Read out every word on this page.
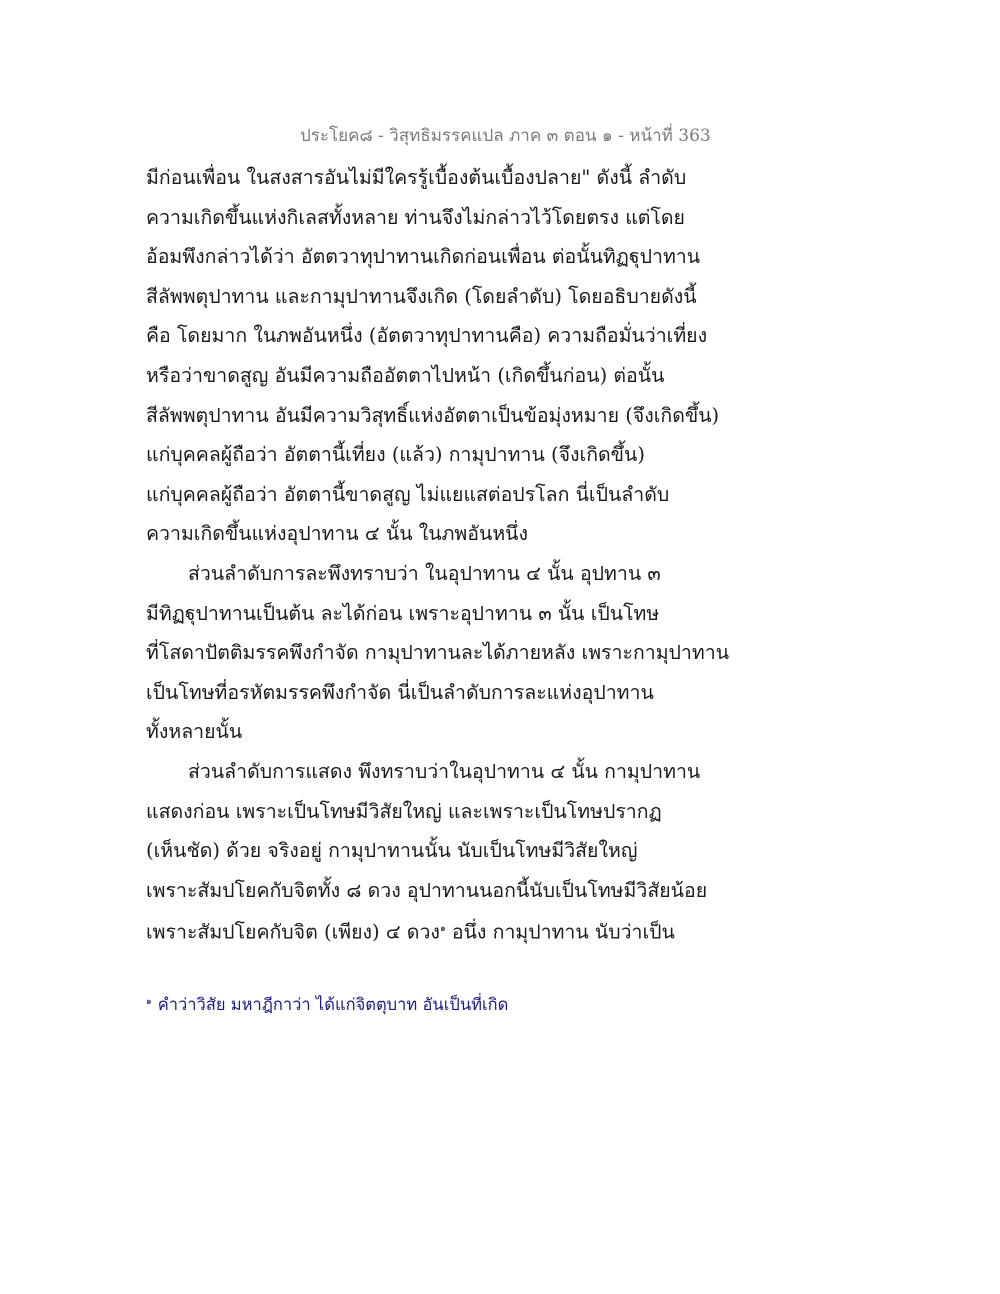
ประโยค๘ - วิสุทธิมรรคแปล ภาค ๓ ตอน ๑ - หน้าที่ 363
มีก่อนเพื่อน ในสงสารอันไม่มีใครรู้เบื้องต้นเบื้องปลาย" ดังนี้ ลำดับ
ความเกิดขึ้นแห่งกิเลสทั้งหลาย ท่านจึงไม่กล่าวไว้โดยตรง แต่โดย
อ้อมพึงกล่าวได้ว่า อัตตวาทุปาทานเกิดก่อนเพื่อน ต่อนั้นทิฏฐุปาทาน
สีลัพพตุปาทาน และกามุปาทานจึงเกิด (โดยลำดับ) โดยอธิบายดังนี้
คือ โดยมาก ในภพอันหนึ่ง (อัตตวาทุปาทานคือ) ความถือมั่นว่าเที่ยง
หรือว่าขาดสูญ อันมีความถืออัตตาไปหน้า (เกิดขึ้นก่อน) ต่อนั้น
สีลัพพตุปาทาน อันมีความวิสุทธิ์แห่งอัตตาเป็นข้อมุ่งหมาย (จึงเกิดขึ้น)
แก่บุคคลผู้ถือว่า อัตตานี้เที่ยง (แล้ว) กามุปาทาน (จึงเกิดขึ้น)
แก่บุคคลผู้ถือว่า อัตตานี้ขาดสูญ ไม่แยแสต่อปรโลก นี่เป็นลำดับ
ความเกิดขึ้นแห่งอุปาทาน ๔ นั้น ในภพอันหนึ่ง
ส่วนลำดับการละพึงทราบว่า ในอุปาทาน ๔ นั้น อุปทาน ๓
มีทิฏฐุปาทานเป็นต้น ละได้ก่อน เพราะอุปาทาน ๓ นั้น เป็นโทษ
ที่โสดาปัตติมรรคพึงกำจัด กามุปาทานละได้ภายหลัง เพราะกามุปาทาน
เป็นโทษที่อรหัตมรรคพึงกำจัด นี่เป็นลำดับการละแห่งอุปาทาน
ทั้งหลายนั้น
ส่วนลำดับการแสดง พึงทราบว่าในอุปาทาน ๔ นั้น กามุปาทาน
แสดงก่อน เพราะเป็นโทษมีวิสัยใหญ่ และเพราะเป็นโทษปรากฏ
(เห็นชัด) ด้วย จริงอยู่ กามุปาทานนั้น นับเป็นโทษมีวิสัยใหญ่
เพราะสัมปโยคกับจิตทั้ง ๘ ดวง อุปาทานนอกนี้นับเป็นโทษมีวิสัยน้อย
เพราะสัมปโยคกับจิต (เพียง) ๔ ดวง$^๑$ อนึ่ง กามุปาทาน นับว่าเป็น
$^๑$ คำว่าวิสัย มหาฎีกาว่า ได้แก่จิตตุบาท อันเป็นที่เกิด
